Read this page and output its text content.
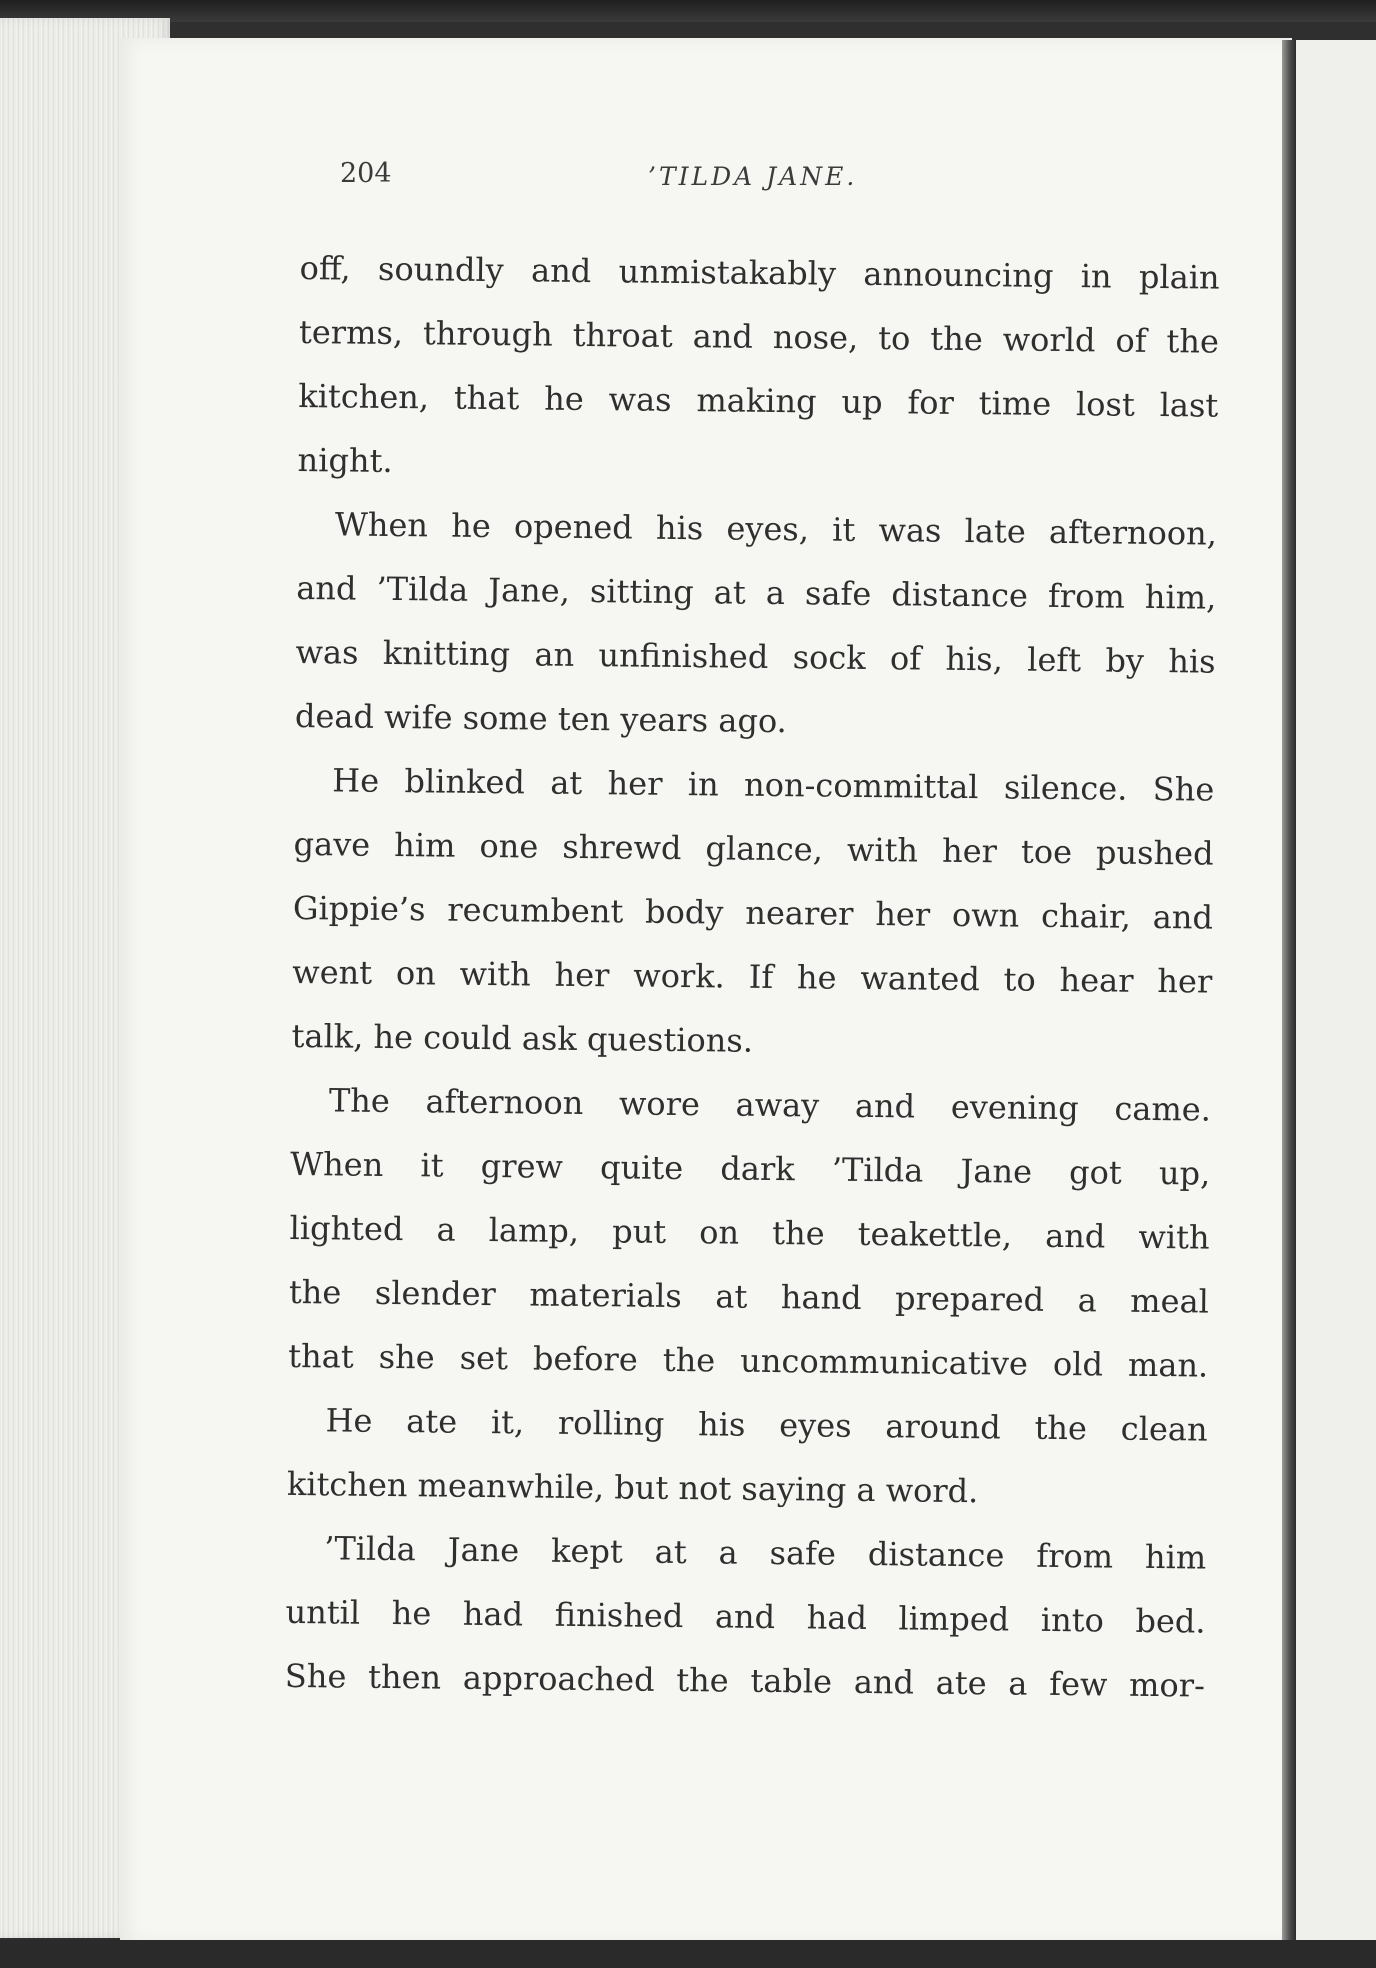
204	’TILDA JANE.
off, soundly and unmistakably announcing in plain
terms, through throat and nose, to the world of the
kitchen, that he was making up for time lost last
night.
When he opened his eyes, it was late afternoon,
and ’Tilda Jane, sitting at a safe distance from him,
was knitting an unfinished sock of his, left by his
dead wife some ten years ago.
He blinked at her in non-committal silence. She
gave him one shrewd glance, with her toe pushed
Gippie’s recumbent body nearer her own chair, and
went on with her work. If he wanted to hear her
talk, he could ask questions.
The afternoon wore away and evening came.
When it grew quite dark ’Tilda Jane got up,
lighted a lamp, put on the teakettle, and with
the slender materials at hand prepared a meal
that she set before the uncommunicative old man.
He ate it, rolling his eyes around the clean
kitchen meanwhile, but not saying a word.
’Tilda Jane kept at a safe distance from him
until he had finished and had limped into bed.
She then approached the table and ate a few mor-
